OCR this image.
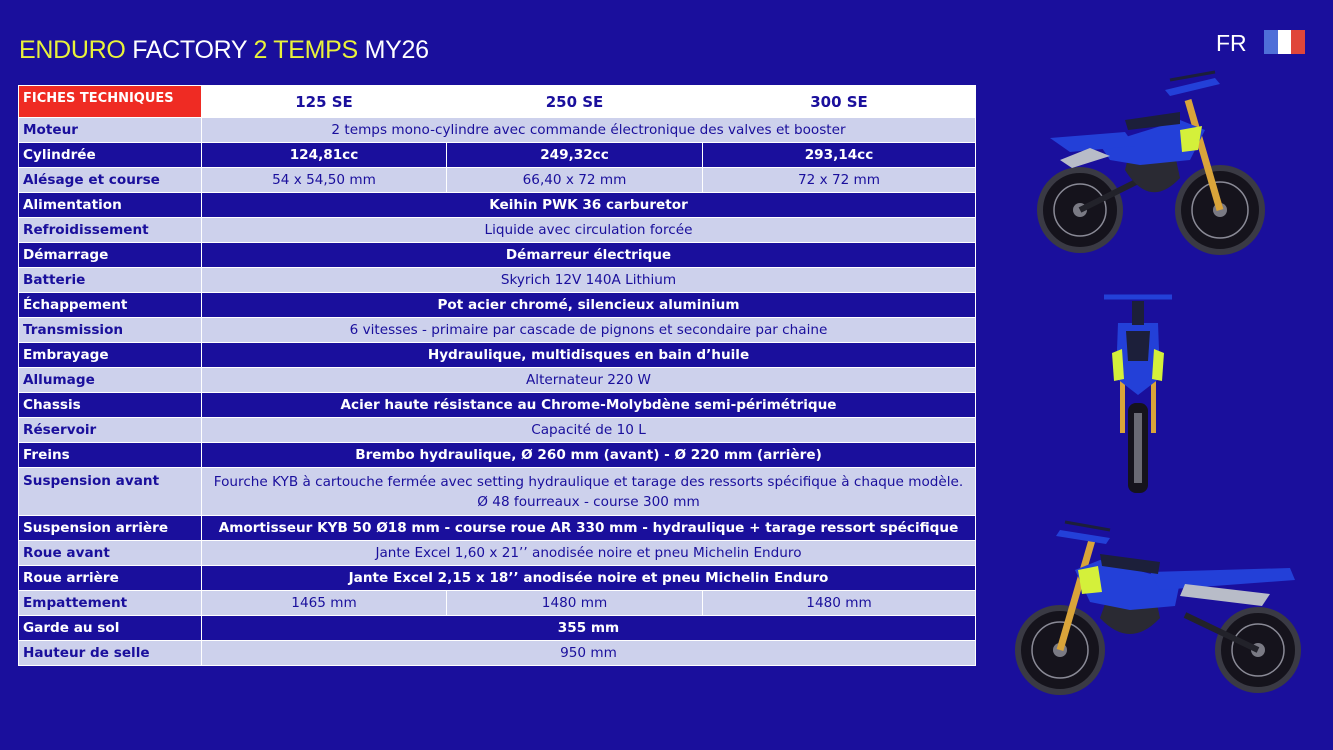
ENDURO FACTORY 2 TEMPS MY26	FR
FICHES TECHNIQUES	125 SE	250 SE	300 SE
Moteur	2 temps mono-cylindre avec commande électronique des valves et booster		
Cylindrée	124,81cc	249,32cc	293,14cc
Alésage et course	54 x 54,50 mm	66,40 x 72 mm	72 x 72 mm
Alimentation	Keihin PWK 36 carburetor		
Refroidissement	Liquide avec circulation forcée		
Démarrage	Démarreur électrique		
Batterie	Skyrich 12V 140A Lithium		
Échappement	Pot acier chromé, silencieux aluminium		
Transmission	6 vitesses - primaire par cascade de pignons et secondaire par chaine		
Embrayage	Hydraulique, multidisques en bain d’huile		
Allumage	Alternateur 220 W		
Chassis	Acier haute résistance au Chrome-Molybdène semi-périmétrique		
Réservoir	Capacité de 10 L		
Freins	Brembo hydraulique, Ø 260 mm (avant) - Ø 220 mm (arrière)		
Suspension avant	Fourche KYB à cartouche fermée avec setting hydraulique et tarage des ressorts spécifique à chaque modèle.
Ø 48 fourreaux - course 300 mm		

Suspension arrière	Amortisseur KYB 50 Ø18 mm - course roue AR 330 mm - hydraulique + tarage ressort spécifique		
Roue avant	Jante Excel 1,60 x 21’’ anodisée noire et pneu Michelin Enduro		
Roue arrière	Jante Excel 2,15 x 18’’ anodisée noire et pneu Michelin Enduro		
Empattement	1465 mm	1480 mm	1480 mm
Garde au sol	355 mm		
Hauteur de selle	950 mm		
